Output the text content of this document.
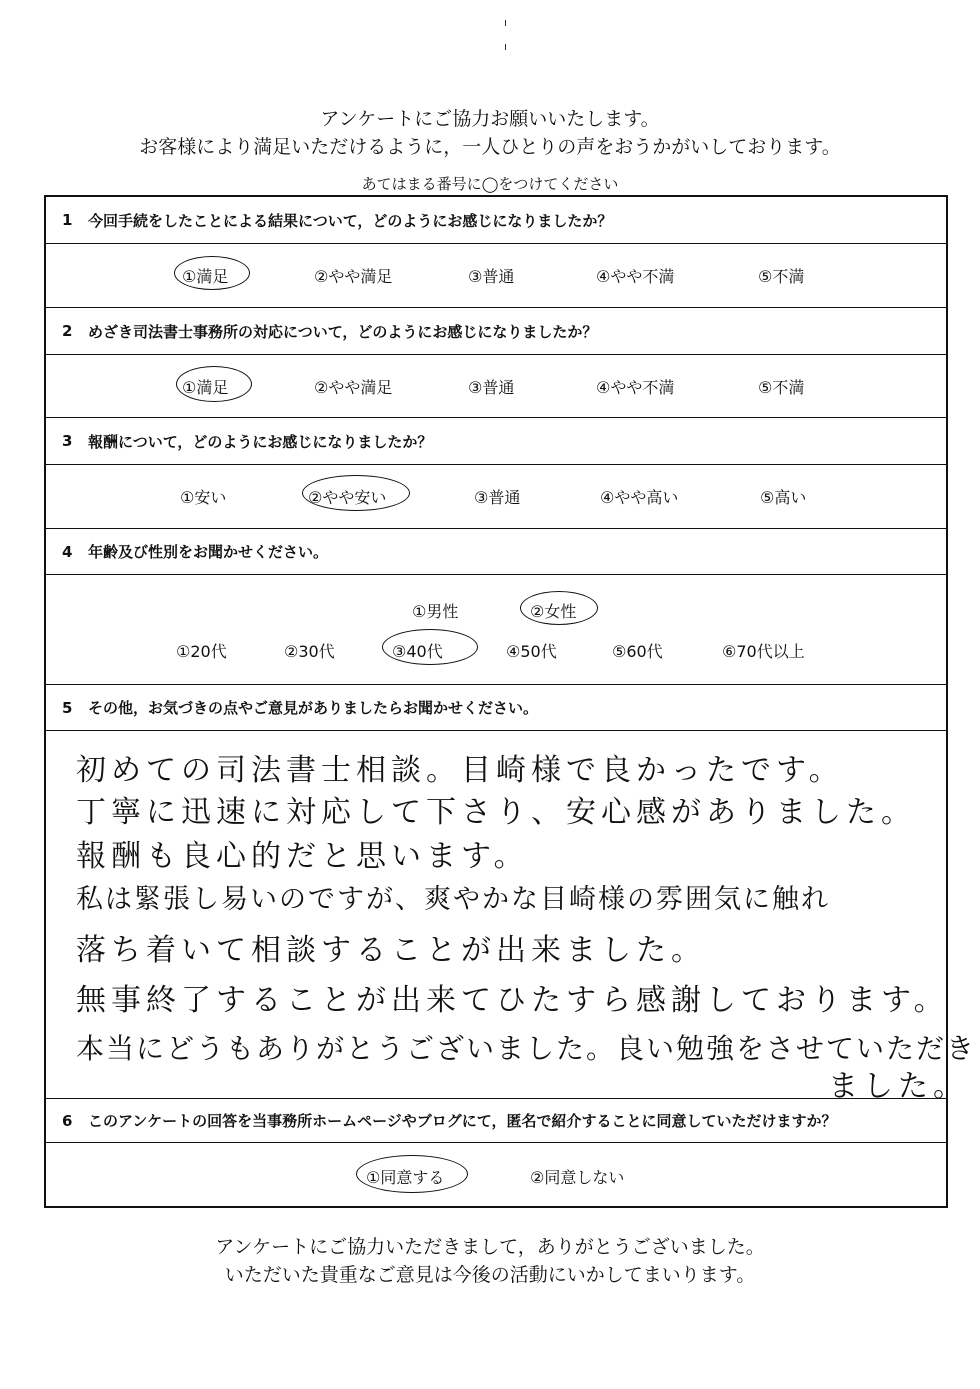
アンケートにご協力お願いいたします。
お客様により満足いただけるように，一人ひとりの声をおうかがいしております。
あてはまる番号に◯をつけてください
1	今回手続をしたことによる結果について，どのようにお感じになりましたか？
①満足	②やや満足	③普通	④やや不満	⑤不満
2	めざき司法書士事務所の対応について，どのようにお感じになりましたか？
①満足	②やや満足	③普通	④やや不満	⑤不満
3	報酬について，どのようにお感じになりましたか？
①安い	②やや安い	③普通	④やや高い	⑤高い
4	年齢及び性別をお聞かせください。
①男性	②女性
①20代	②30代	③40代	④50代	⑤60代	⑥70代以上
5	その他，お気づきの点やご意見がありましたらお聞かせください。
初めての司法書士相談。目崎様で良かったです。
丁寧に迅速に対応して下さり、安心感がありました。
報酬も良心的だと思います。
私は緊張し易いのですが、爽やかな目崎様の雰囲気に触れ
落ち着いて相談することが出来ました。
無事終了することが出来てひたすら感謝しております。
本当にどうもありがとうございました。良い勉強をさせていただき
ました。
6	このアンケートの回答を当事務所ホームページやブログにて，匿名で紹介することに同意していただけますか？
①同意する	②同意しない
アンケートにご協力いただきまして，ありがとうございました。
いただいた貴重なご意見は今後の活動にいかしてまいります。
